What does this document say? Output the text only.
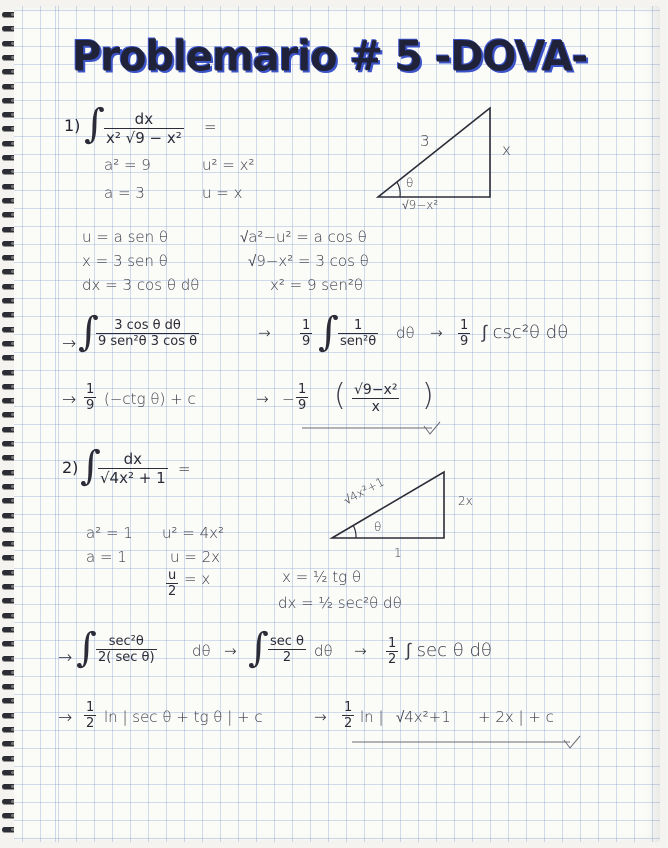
Problemario # 5 -DOVA-
1) ∫ $\frac{dx}{\text{x² √9 − x²}}$ =
a² = 9	u² = x²
a = 3	u = x
3	x
√9−x²
θ
u = a sen θ	√a²−u² = a cos θ
x = 3 sen θ	√9−x² = 3 cos θ
dx = 3 cos θ dθ	x² = 9 sen²θ
→ ∫	3 cos θ dθ
9 sen²θ 3 cos θ	→ $\frac{1}{9}$ ∫	1
sen²θ $d\theta \to \frac{1}{9}$ ∫ csc²θ dθ
→ $\frac{1}{9} (-ctg$ θ) + c	→ − $\frac{1}{9}$ ( $\frac{\text{√9−x²}}{x}$ )
2) ∫
$\frac{dx}{\text{√4x² + 1}}$ =
a² = 1 u² = 4x²
a = 1	u = 2x
$\frac{u}{2} = x$
√4x²+1	2x
1
θ
x = ½ tg θ
dx = ½ sec²θ dθ
→ ∫ sec²θ
2( sec θ) dθ → ∫ sec θ
2	$d\theta \to \frac{1}{2}$ ∫ sec θ dθ
→ $\frac{1}{2}$ ln | sec θ + tg θ | + c	→ $\frac{1}{2}$ ln | √4x²+1 + 2x | + c
